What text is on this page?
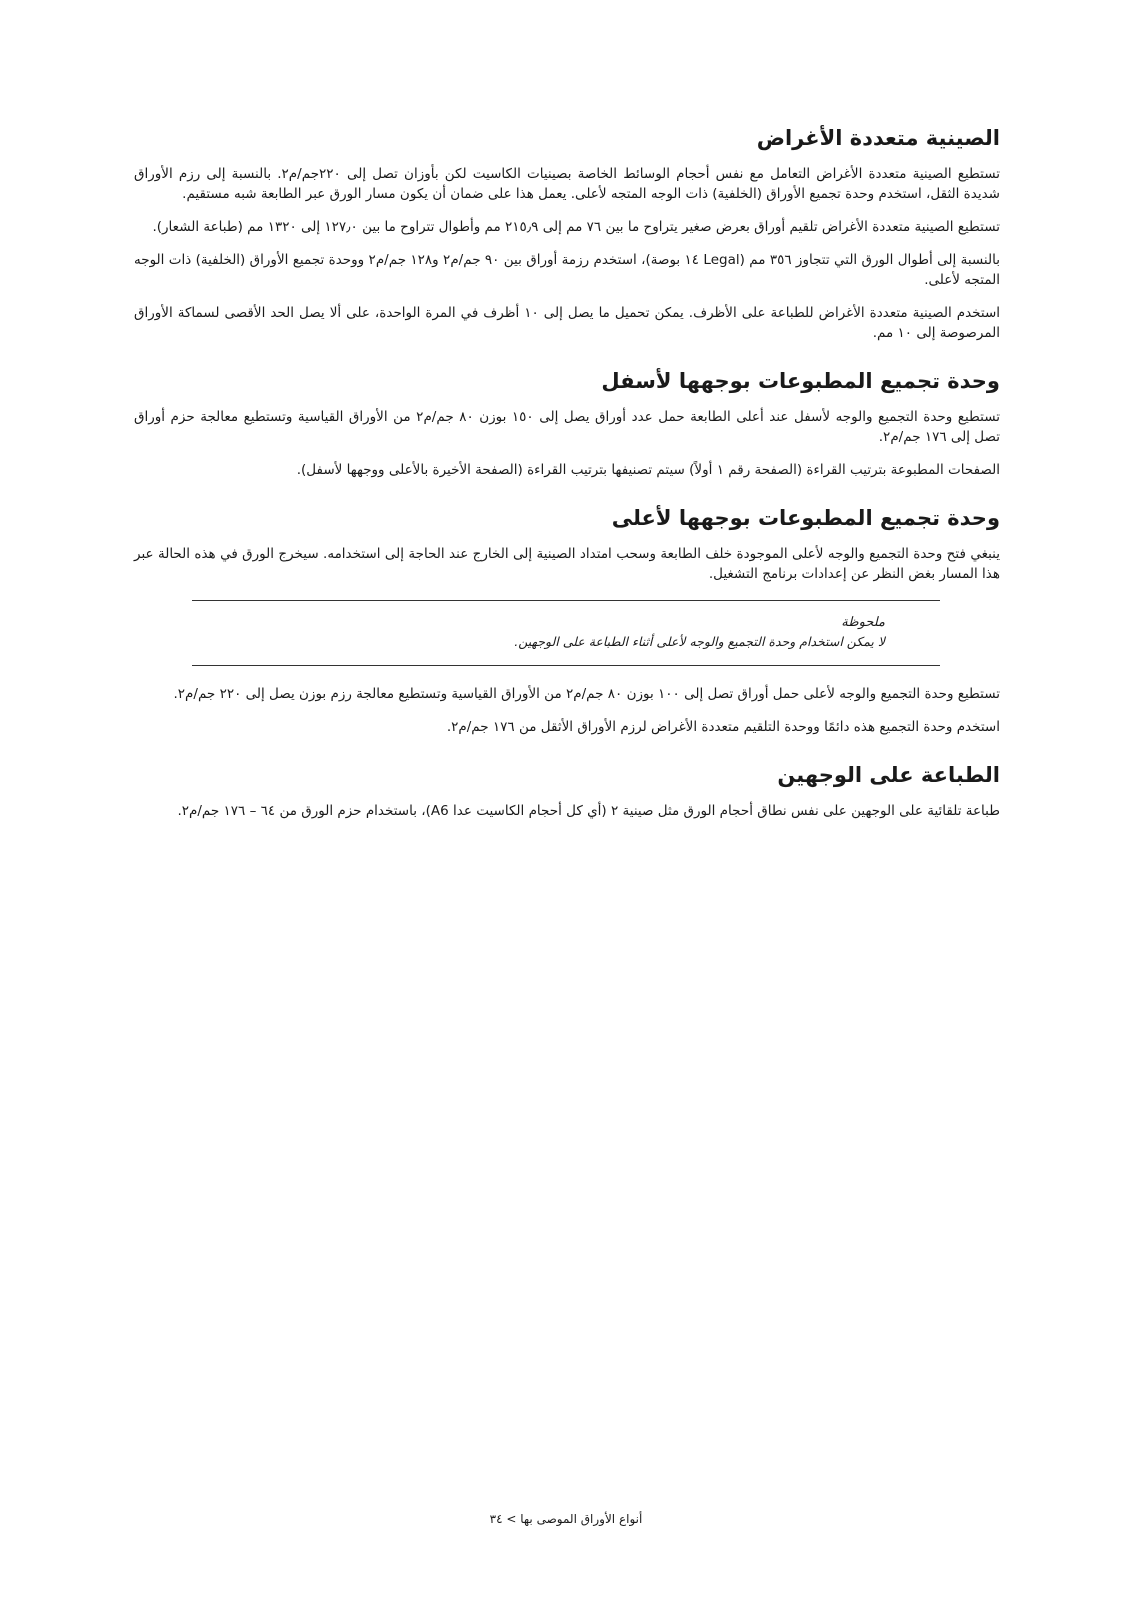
الصينية متعددة الأغراض

تستطيع الصينية متعددة الأغراض التعامل مع نفس أحجام الوسائط الخاصة بصينيات الكاسيت لكن بأوزان تصل إلى ٢٢٠جم/م٢. بالنسبة إلى رزم الأوراق شديدة الثقل، استخدم وحدة تجميع الأوراق (الخلفية) ذات الوجه المتجه لأعلى. يعمل هذا على ضمان أن يكون مسار الورق عبر الطابعة شبه مستقيم.

تستطيع الصينية متعددة الأغراض تلقيم أوراق بعرض صغير يتراوح ما بين ٧٦ مم إلى ٢١٥٫٩ مم وأطوال تتراوح ما بين ١٢٧٫٠ إلى ١٣٢٠ مم (طباعة الشعار).

بالنسبة إلى أطوال الورق التي تتجاوز ٣٥٦ مم (Legal ١٤ بوصة)، استخدم رزمة أوراق بين ٩٠ جم/م٢ و١٢٨ جم/م٢ ووحدة تجميع الأوراق (الخلفية) ذات الوجه المتجه لأعلى.

استخدم الصينية متعددة الأغراض للطباعة على الأظرف. يمكن تحميل ما يصل إلى ١٠ أظرف في المرة الواحدة، على ألا يصل الحد الأقصى لسماكة الأوراق المرصوصة إلى ١٠ مم.

وحدة تجميع المطبوعات بوجهها لأسفل

تستطيع وحدة التجميع والوجه لأسفل عند أعلى الطابعة حمل عدد أوراق يصل إلى ١٥٠ بوزن ٨٠ جم/م٢ من الأوراق القياسية وتستطيع معالجة حزم أوراق تصل إلى ١٧٦ جم/م٢.

الصفحات المطبوعة بترتيب القراءة (الصفحة رقم ١ أولاً) سيتم تصنيفها بترتيب القراءة (الصفحة الأخيرة بالأعلى ووجهها لأسفل).

وحدة تجميع المطبوعات بوجهها لأعلى

ينبغي فتح وحدة التجميع والوجه لأعلى الموجودة خلف الطابعة وسحب امتداد الصينية إلى الخارج عند الحاجة إلى استخدامه. سيخرج الورق في هذه الحالة عبر هذا المسار بغض النظر عن إعدادات برنامج التشغيل.

ملحوظة

لا يمكن استخدام وحدة التجميع والوجه لأعلى أثناء الطباعة على الوجهين.

تستطيع وحدة التجميع والوجه لأعلى حمل أوراق تصل إلى ١٠٠ بوزن ٨٠ جم/م٢ من الأوراق القياسية وتستطيع معالجة رزم بوزن يصل إلى ٢٢٠ جم/م٢.

استخدم وحدة التجميع هذه دائمًا ووحدة التلقيم متعددة الأغراض لرزم الأوراق الأثقل من ١٧٦ جم/م٢.

الطباعة على الوجهين

طباعة تلقائية على الوجهين على نفس نطاق أحجام الورق مثل صينية ٢ (أي كل أحجام الكاسيت عدا A6)، باستخدام حزم الورق من ٦٤ – ١٧٦ جم/م٢.

أنواع الأوراق الموصى بها > ٣٤
